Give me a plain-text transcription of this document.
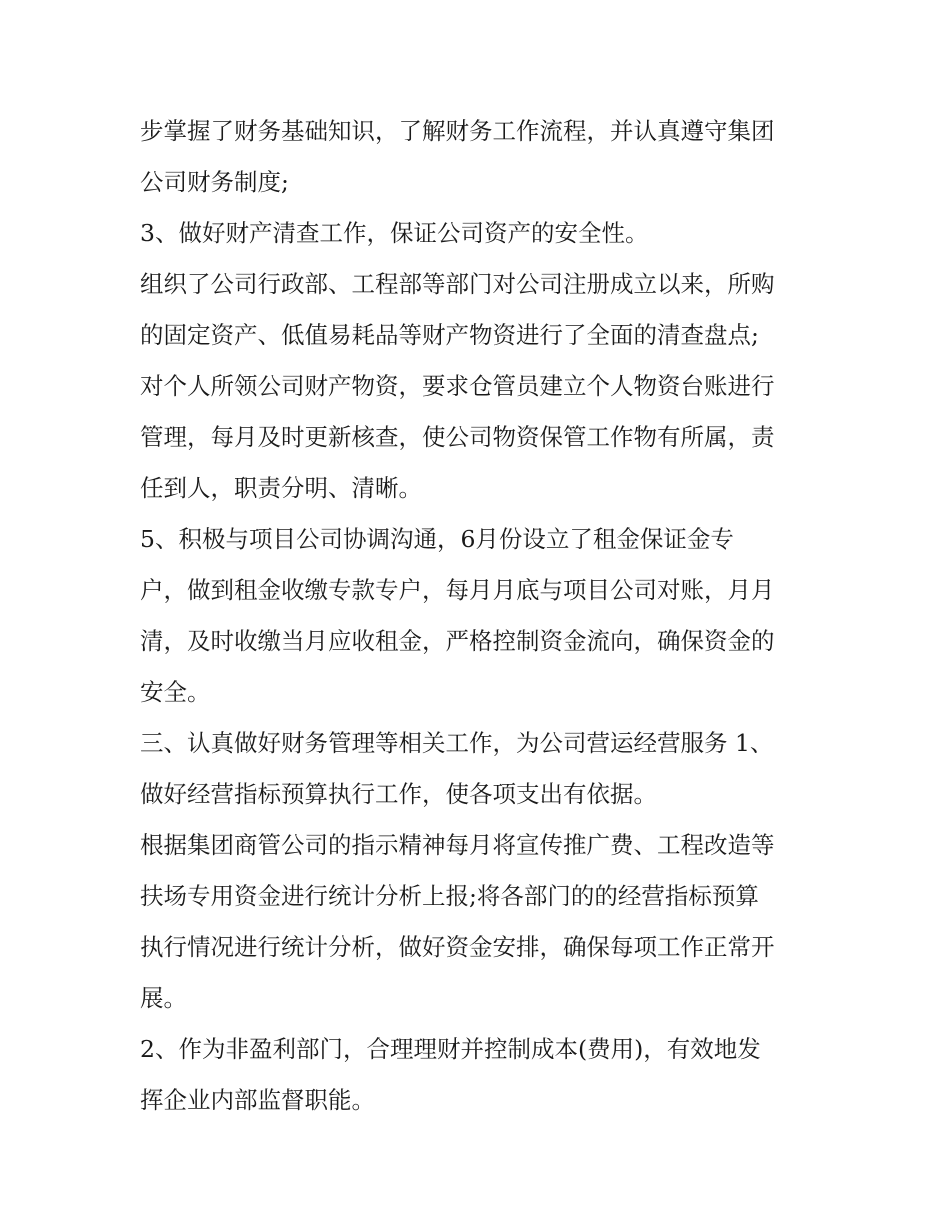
步掌握了财务基础知识，了解财务工作流程，并认真遵守集团
公司财务制度;
3、做好财产清查工作，保证公司资产的安全性。
组织了公司行政部、工程部等部门对公司注册成立以来，所购
的固定资产、低值易耗品等财产物资进行了全面的清查盘点;
对个人所领公司财产物资，要求仓管员建立个人物资台账进行
管理，每月及时更新核查，使公司物资保管工作物有所属，责
任到人，职责分明、清晰。
5、积极与项目公司协调沟通，6月份设立了租金保证金专
户，做到租金收缴专款专户，每月月底与项目公司对账，月月
清，及时收缴当月应收租金，严格控制资金流向，确保资金的
安全。
三、认真做好财务管理等相关工作，为公司营运经营服务 1、
做好经营指标预算执行工作，使各项支出有依据。
根据集团商管公司的指示精神每月将宣传推广费、工程改造等
扶场专用资金进行统计分析上报;将各部门的的经营指标预算
执行情况进行统计分析，做好资金安排，确保每项工作正常开
展。
2、作为非盈利部门，合理理财并控制成本(费用)，有效地发
挥企业内部监督职能。
